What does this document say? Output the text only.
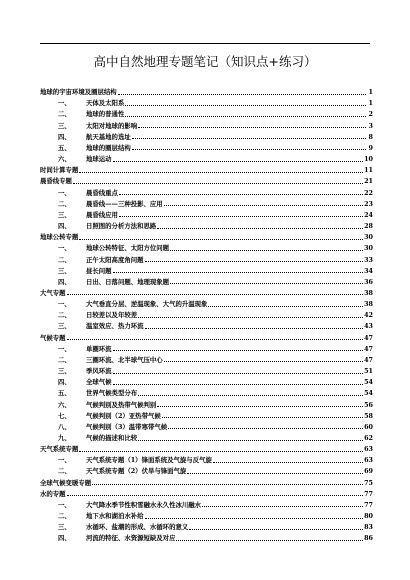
高中自然地理专题笔记（知识点+练习）
地球的宇宙环境及圈层结构	1
一、	天体及太阳系	1
二、	地球的普通性	2
三、	太阳对地球的影响	3
四、	航天基地的选址	8
五、	地球的圈层结构	9
六、	地球运动	10
时间计算专题	11
晨昏线专题	21
一、	晨昏线重点	22
二、	晨昏线——三种投影、应用	23
三、	晨昏线应用	24
四、	日照图的分析方法和思路	28
地球公转专题	30
一、	地球公转特征、太阳方位问题	30
二、	正午太阳高度角问题	33
三、	昼长问题	34
四、	日出、日落问题、地理现象题	36
大气专题	38
一、	大气垂直分层、逆温现象、大气的升温现象	38
二、	日较差以及年较差	42
三、	温室效应、热力环流	43
气候专题	47
一、	单圈环流	47
二、	三圈环流、北半球气压中心	47
三、	季风环流	51
四、	全球气候	54
五、	世界气候类型分布	54
六、	气候判别及热带气候判别	56
七、	气候判别（2）亚热带气候	58
八、	气候判别（3）温带寒带气候	60
九、	气候的描述和比较	62
天气系统专题	63
一、	天气系统专题（1）锋面系统及气旋与反气旋	63
二、	天气系统专题（2）伏旱与锋面气旋	69
全球气候变暖专题	75
水的专题	77
一、	大气降水季节性积雪融水永久性冰川融水	77
二、	地下水和湖泊水补给	80
三、	水循环、盐潮的形成、水循环的意义	83
四、	河流的特征、水资源短缺及对应	86
